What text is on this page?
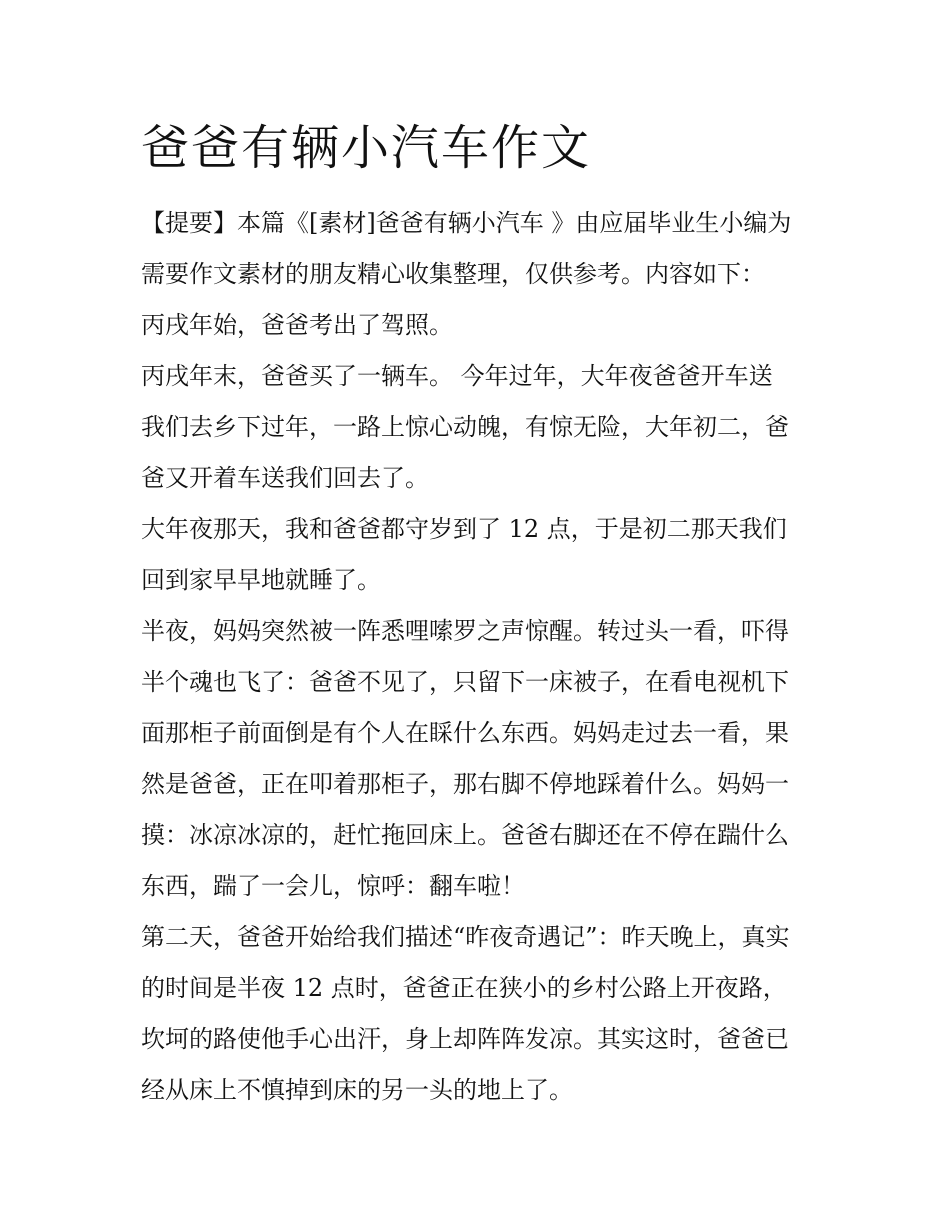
爸爸有辆小汽车作文
【提要】本篇《[素材]爸爸有辆小汽车 》由应届毕业生小编为
需要作文素材的朋友精心收集整理，仅供参考。内容如下：
丙戌年始，爸爸考出了驾照。
丙戌年末，爸爸买了一辆车。 今年过年，大年夜爸爸开车送
我们去乡下过年，一路上惊心动魄，有惊无险，大年初二，爸
爸又开着车送我们回去了。
大年夜那天，我和爸爸都守岁到了 12 点，于是初二那天我们
回到家早早地就睡了。
半夜，妈妈突然被一阵悉哩嗦罗之声惊醒。转过头一看，吓得
半个魂也飞了：爸爸不见了，只留下一床被子，在看电视机下
面那柜子前面倒是有个人在睬什么东西。妈妈走过去一看，果
然是爸爸，正在叩着那柜子，那右脚不停地踩着什么。妈妈一
摸：冰凉冰凉的，赶忙拖回床上。爸爸右脚还在不停在踹什么
东西，踹了一会儿，惊呼：翻车啦！
第二天，爸爸开始给我们描述“昨夜奇遇记”：昨天晚上，真实
的时间是半夜 12 点时，爸爸正在狭小的乡村公路上开夜路，
坎坷的路使他手心出汗，身上却阵阵发凉。其实这时，爸爸已
经从床上不慎掉到床的另一头的地上了。
